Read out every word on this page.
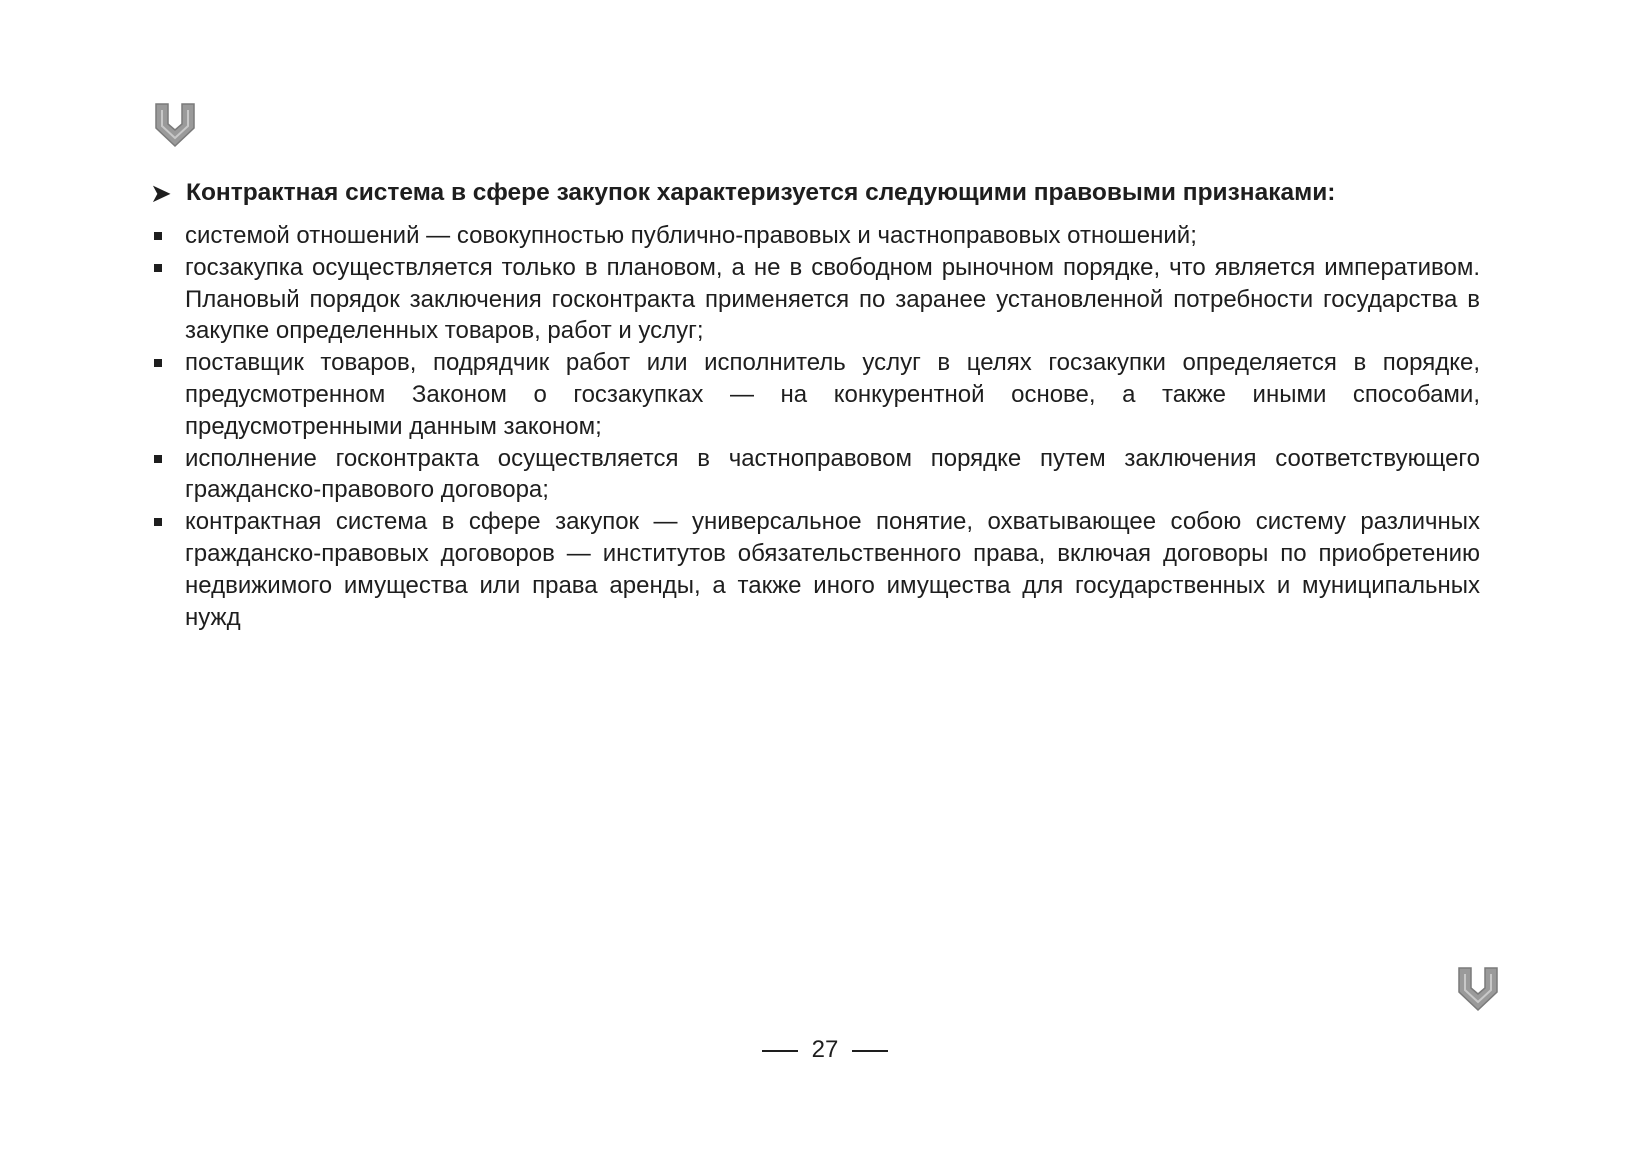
➤ Контрактная система в сфере закупок характеризуется следующими правовыми признаками:
системой отношений — совокупностью публично-правовых и частноправовых отношений;
госзакупка осуществляется только в плановом, а не в свободном рыночном порядке, что является императивом. Плановый порядок заключения госконтракта применяется по заранее установленной потребности государства в закупке определенных товаров, работ и услуг;
поставщик товаров, подрядчик работ или исполнитель услуг в целях госзакупки определяется в порядке, предусмотренном Законом о госзакупках — на конкурентной основе, а также иными способами, предусмотренными данным законом;
исполнение госконтракта осуществляется в частноправовом порядке путем заключения соответствующего гражданско-правового договора;
контрактная система в сфере закупок — универсальное понятие, охватывающее собою систему различных гражданско-правовых договоров — институтов обязательственного права, включая договоры по приобретению недвижимого имущества или права аренды, а также иного имущества для государственных и муниципальных нужд
27
